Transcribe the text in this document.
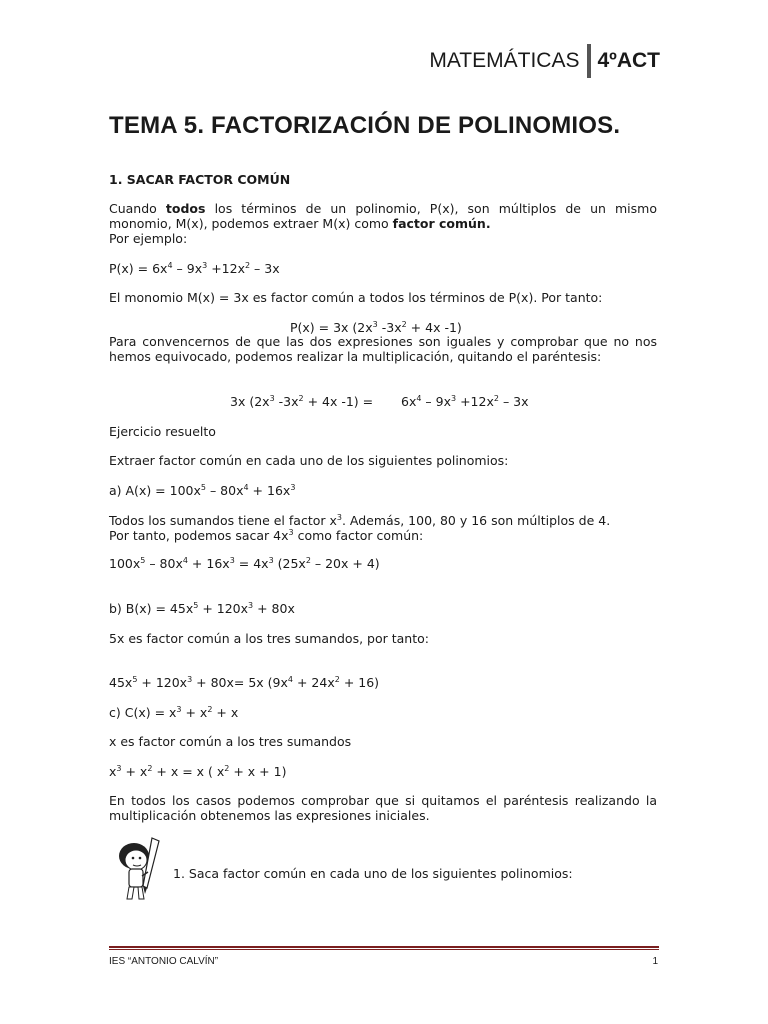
MATEMÁTICAS 4ºACT
TEMA 5. FACTORIZACIÓN DE POLINOMIOS.
1. SACAR FACTOR COMÚN
Cuando todos los términos de un polinomio, P(x), son múltiplos de un mismo monomio, M(x), podemos extraer M(x) como factor común.
Por ejemplo:
$P(x) = 6x^4 - 9x^3 +12x^2 - 3x$
El monomio M(x) = 3x es factor común a todos los términos de P(x). Por tanto:
P(x) = 3x ($2x^3$ $-3x^2 + 4x$ -1)
Para convencernos de que las dos expresiones son iguales y comprobar que no nos hemos equivocado, podemos realizar la multiplicación, quitando el paréntesis:
3x ($2x^3$ $-3x^2 + 4x$ $-1) = 6x^4 - 9x^3 +12x^2 - 3x$
Ejercicio resuelto
Extraer factor común en cada uno de los siguientes polinomios:
a) $A(x) = 100x^5 - 80x^4 + 16x^3$
Todos los sumandos tiene el factor $x^3$. Además, 100, 80 y 16 son múltiplos de 4.
Por tanto, podemos sacar $4x^3$ como factor común:
$100x^5 - 80x^4 + 16x^3 = 4x^3$ $(25x^2 - 20x + 4)$
b) $B(x) = 45x^5 + 120x^3 + 80x$
5x es factor común a los tres sumandos, por tanto:
$45x^5 + 120x^3 + 80x= 5x$ $(9x^4 + 24x^2 + 16)$
c) $C(x) = x^3 + x^2 + x$
x es factor común a los tres sumandos
$x^3 + x^2 + x = x$ ( $x^2 + x + 1$)
En todos los casos podemos comprobar que si quitamos el paréntesis realizando la multiplicación obtenemos las expresiones iniciales.
1. Saca factor común en cada uno de los siguientes polinomios:
IES “ANTONIO CALVÍN”	1
